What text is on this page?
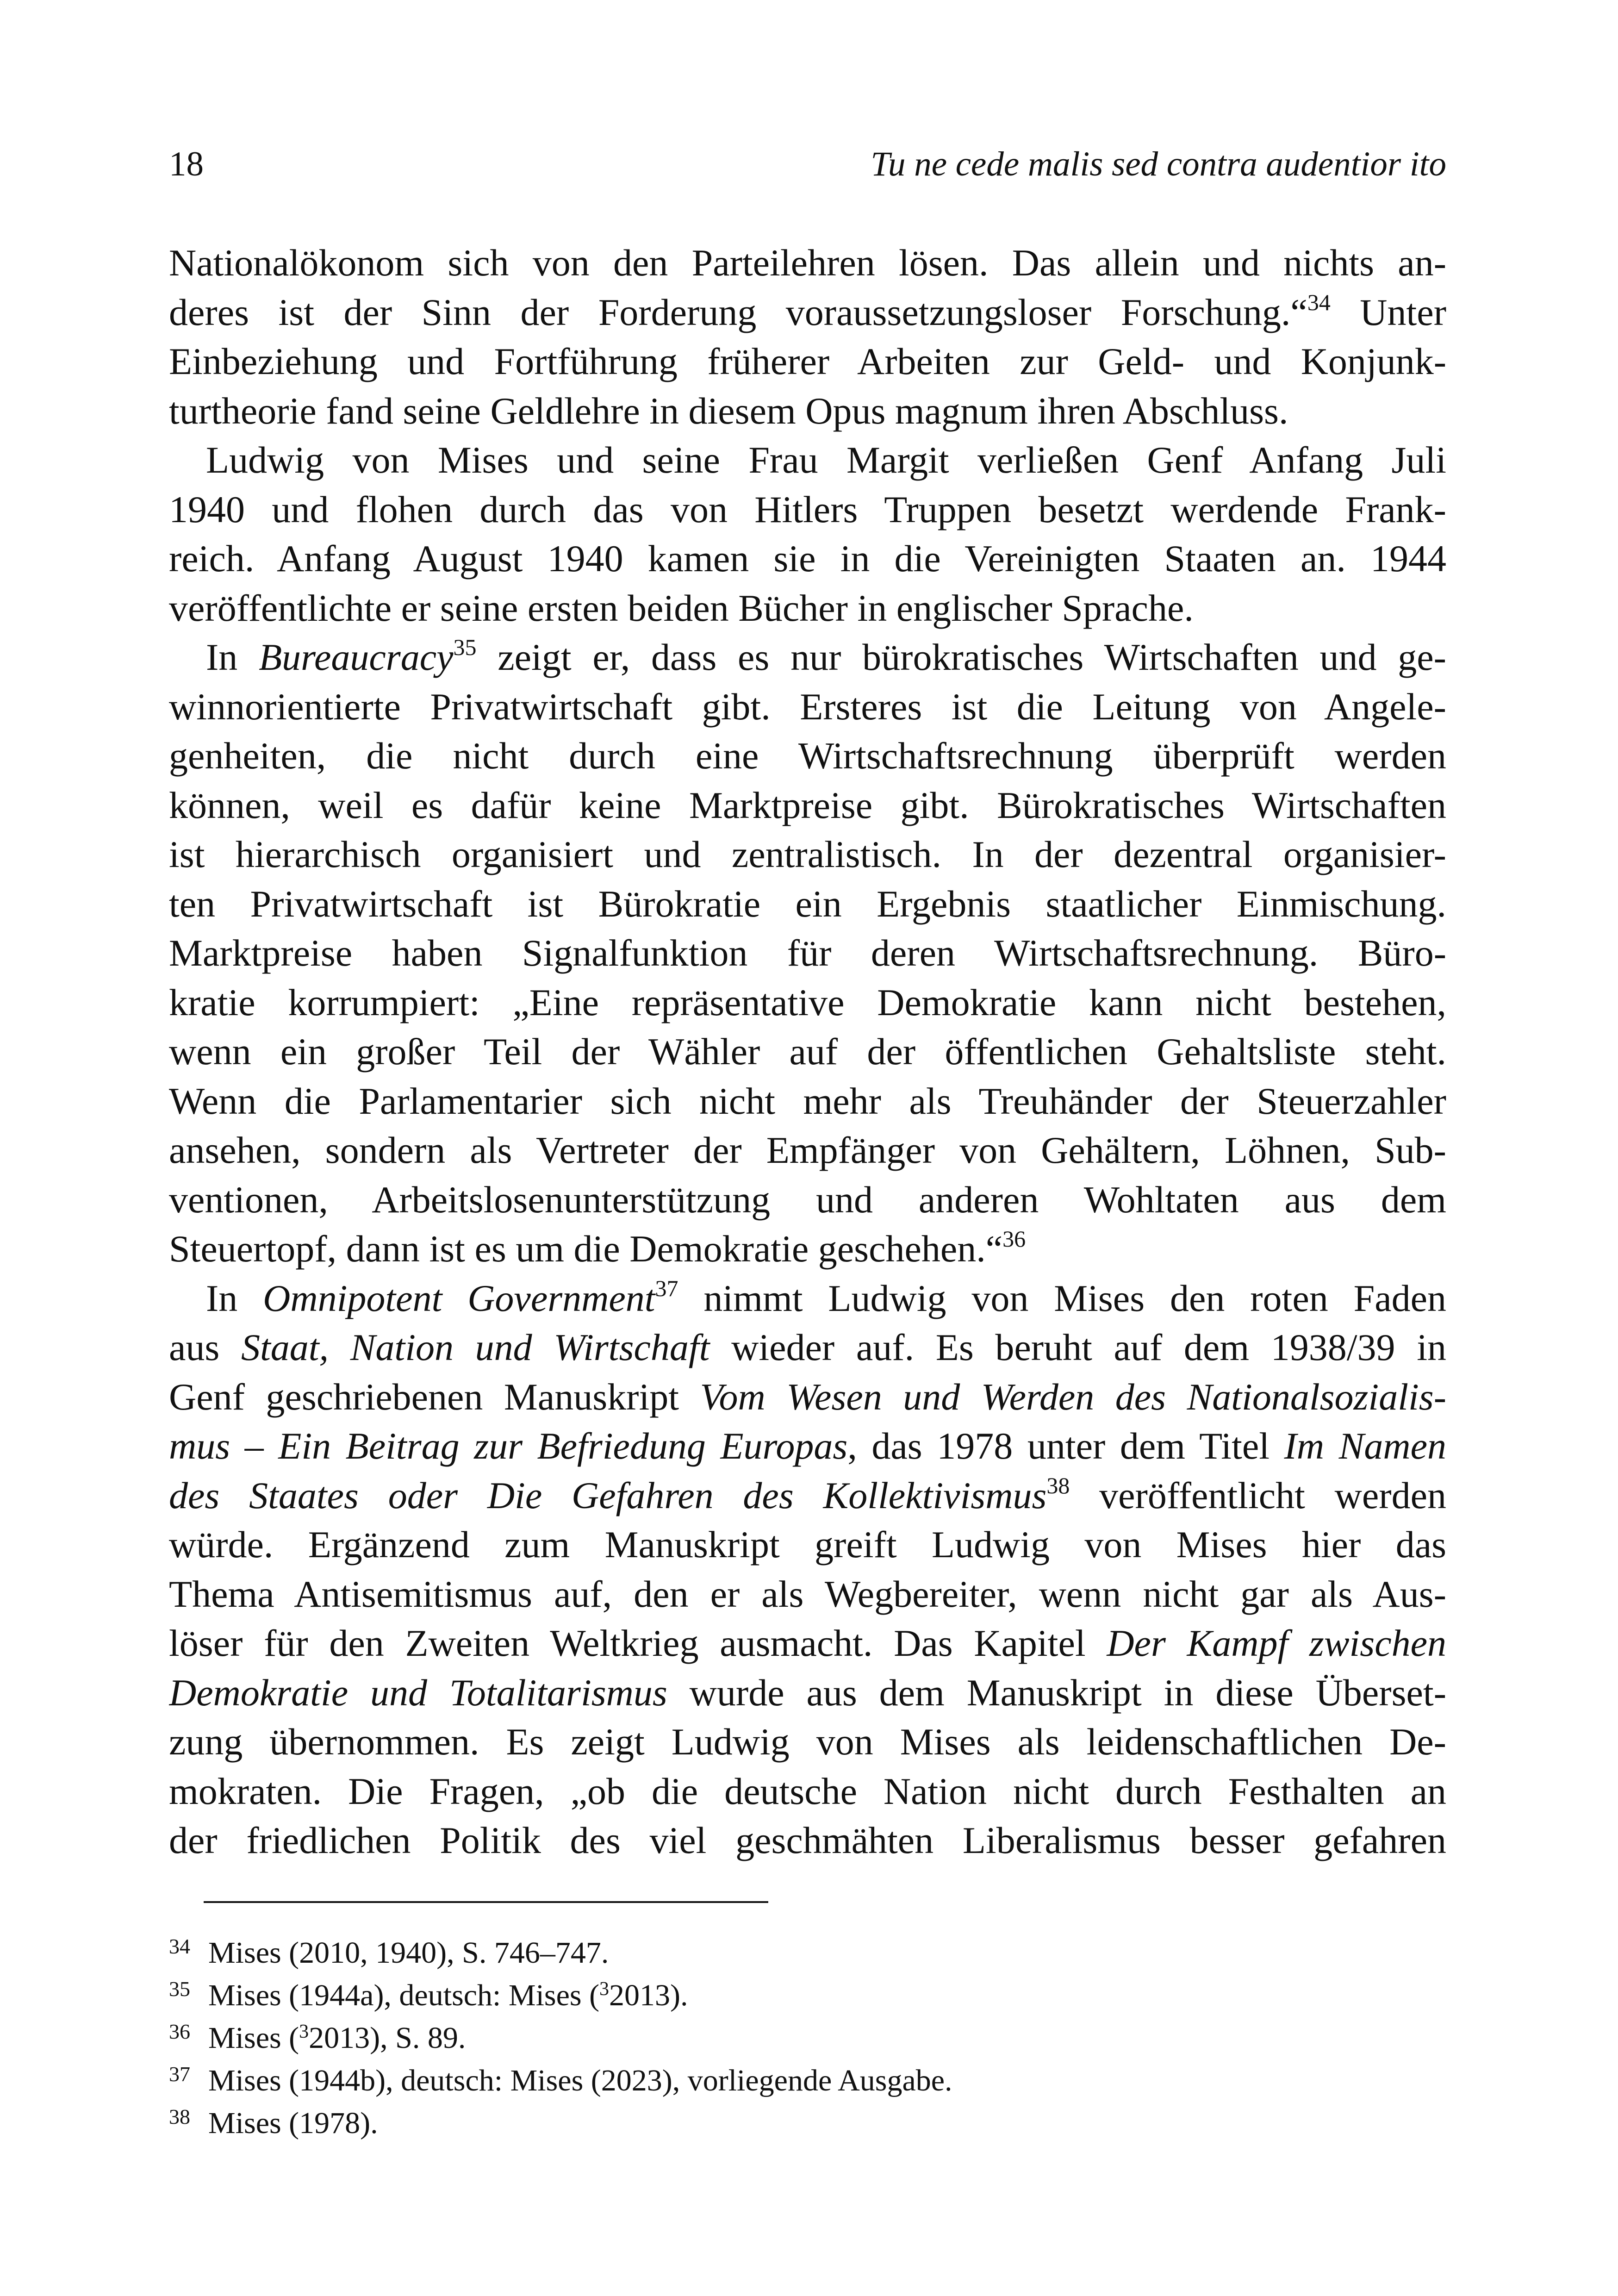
18	Tu ne cede malis sed contra audentior ito
Nationalökonom sich von den Parteilehren lösen. Das allein und nichts an-
deres ist der Sinn der Forderung voraussetzungsloser Forschung.“$^{34}$ Unter
Einbeziehung und Fortführung früherer Arbeiten zur Geld- und Konjunk-
turtheorie fand seine Geldlehre in diesem Opus magnum ihren Abschluss.
Ludwig von Mises und seine Frau Margit verließen Genf Anfang Juli
1940 und flohen durch das von Hitlers Truppen besetzt werdende Frank-
reich. Anfang August 1940 kamen sie in die Vereinigten Staaten an. 1944
veröffentlichte er seine ersten beiden Bücher in englischer Sprache.
In Bureaucracy$^{35}$ zeigt er, dass es nur bürokratisches Wirtschaften und ge-
winnorientierte Privatwirtschaft gibt. Ersteres ist die Leitung von Angele-
genheiten, die nicht durch eine Wirtschaftsrechnung überprüft werden
können, weil es dafür keine Marktpreise gibt. Bürokratisches Wirtschaften
ist hierarchisch organisiert und zentralistisch. In der dezentral organisier-
ten Privatwirtschaft ist Bürokratie ein Ergebnis staatlicher Einmischung.
Marktpreise haben Signalfunktion für deren Wirtschaftsrechnung. Büro-
kratie korrumpiert: „Eine repräsentative Demokratie kann nicht bestehen,
wenn ein großer Teil der Wähler auf der öffentlichen Gehaltsliste steht.
Wenn die Parlamentarier sich nicht mehr als Treuhänder der Steuerzahler
ansehen, sondern als Vertreter der Empfänger von Gehältern, Löhnen, Sub-
ventionen, Arbeitslosenunterstützung und anderen Wohltaten aus dem
Steuertopf, dann ist es um die Demokratie geschehen.“$^{36}$
In Omnipotent Government$^{37}$ nimmt Ludwig von Mises den roten Faden
aus Staat, Nation und Wirtschaft wieder auf. Es beruht auf dem 1938/39 in
Genf geschriebenen Manuskript Vom Wesen und Werden des Nationalsozialis-
mus – Ein Beitrag zur Befriedung Europas, das 1978 unter dem Titel Im Namen
des Staates oder Die Gefahren des Kollektivismus$^{38}$ veröffentlicht werden
würde. Ergänzend zum Manuskript greift Ludwig von Mises hier das
Thema Antisemitismus auf, den er als Wegbereiter, wenn nicht gar als Aus-
löser für den Zweiten Weltkrieg ausmacht. Das Kapitel Der Kampf zwischen
Demokratie und Totalitarismus wurde aus dem Manuskript in diese Überset-
zung übernommen. Es zeigt Ludwig von Mises als leidenschaftlichen De-
mokraten. Die Fragen, „ob die deutsche Nation nicht durch Festhalten an
der friedlichen Politik des viel geschmähten Liberalismus besser gefahren
34 Mises (2010, 1940), S. 746–747.
35 Mises (1944a), deutsch: Mises ($^3$2013).
36 Mises ($^3$2013), S. 89.
37 Mises (1944b), deutsch: Mises (2023), vorliegende Ausgabe.
38 Mises (1978).
